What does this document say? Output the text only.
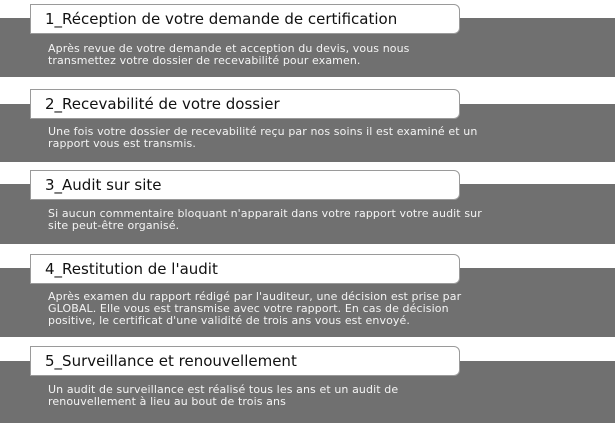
1_Réception de votre demande de certification
Après revue de votre demande et acception du devis, vous nous
transmettez votre dossier de recevabilité pour examen.
2_Recevabilité de votre dossier
Une fois votre dossier de recevabilité reçu par nos soins il est examiné et un
rapport vous est transmis.
3_Audit sur site
Si aucun commentaire bloquant n'apparait dans votre rapport votre audit sur
site peut-être organisé.
4_Restitution de l'audit
Après examen du rapport rédigé par l'auditeur, une décision est prise par
GLOBAL. Elle vous est transmise avec votre rapport. En cas de décision
positive, le certificat d'une validité de trois ans vous est envoyé.
5_Surveillance et renouvellement
Un audit de surveillance est réalisé tous les ans et un audit de
renouvellement à lieu au bout de trois ans
